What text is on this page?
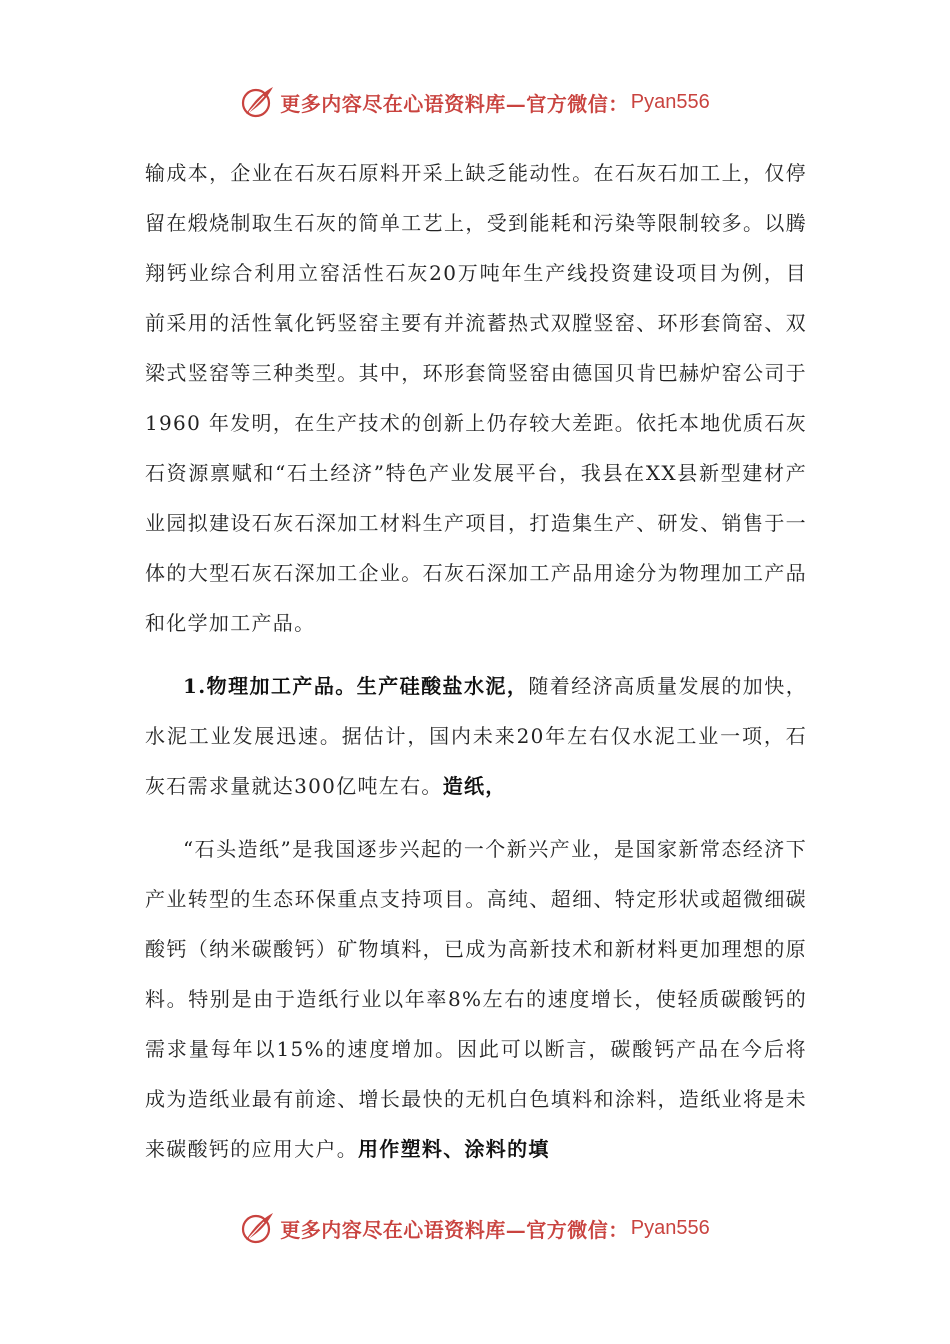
更多内容尽在心语资料库—官方微信： Pyan556

输成本，企业在石灰石原料开采上缺乏能动性。在石灰石加工上，仅停留在煅烧制取生石灰的简单工艺上，受到能耗和污染等限制较多。以腾翔钙业综合利用立窑活性石灰20万吨年生产线投资建设项目为例，目前采用的活性氧化钙竖窑主要有并流蓄热式双膛竖窑、环形套筒窑、双梁式竖窑等三种类型。其中，环形套筒竖窑由德国贝肯巴赫炉窑公司于 1960 年发明，在生产技术的创新上仍存较大差距。依托本地优质石灰石资源禀赋和“石土经济”特色产业发展平台，我县在XX县新型建材产业园拟建设石灰石深加工材料生产项目，打造集生产、研发、销售于一体的大型石灰石深加工企业。石灰石深加工产品用途分为物理加工产品和化学加工产品。

1.物理加工产品。生产硅酸盐水泥，随着经济高质量发展的加快，水泥工业发展迅速。据估计，国内未来20年左右仅水泥工业一项，石灰石需求量就达300亿吨左右。造纸，

“石头造纸”是我国逐步兴起的一个新兴产业，是国家新常态经济下产业转型的生态环保重点支持项目。高纯、超细、特定形状或超微细碳酸钙（纳米碳酸钙）矿物填料，已成为高新技术和新材料更加理想的原料。特别是由于造纸行业以年率8%左右的速度增长，使轻质碳酸钙的需求量每年以15%的速度增加。因此可以断言，碳酸钙产品在今后将成为造纸业最有前途、增长最快的无机白色填料和涂料，造纸业将是未来碳酸钙的应用大户。用作塑料、涂料的填

更多内容尽在心语资料库—官方微信： Pyan556
